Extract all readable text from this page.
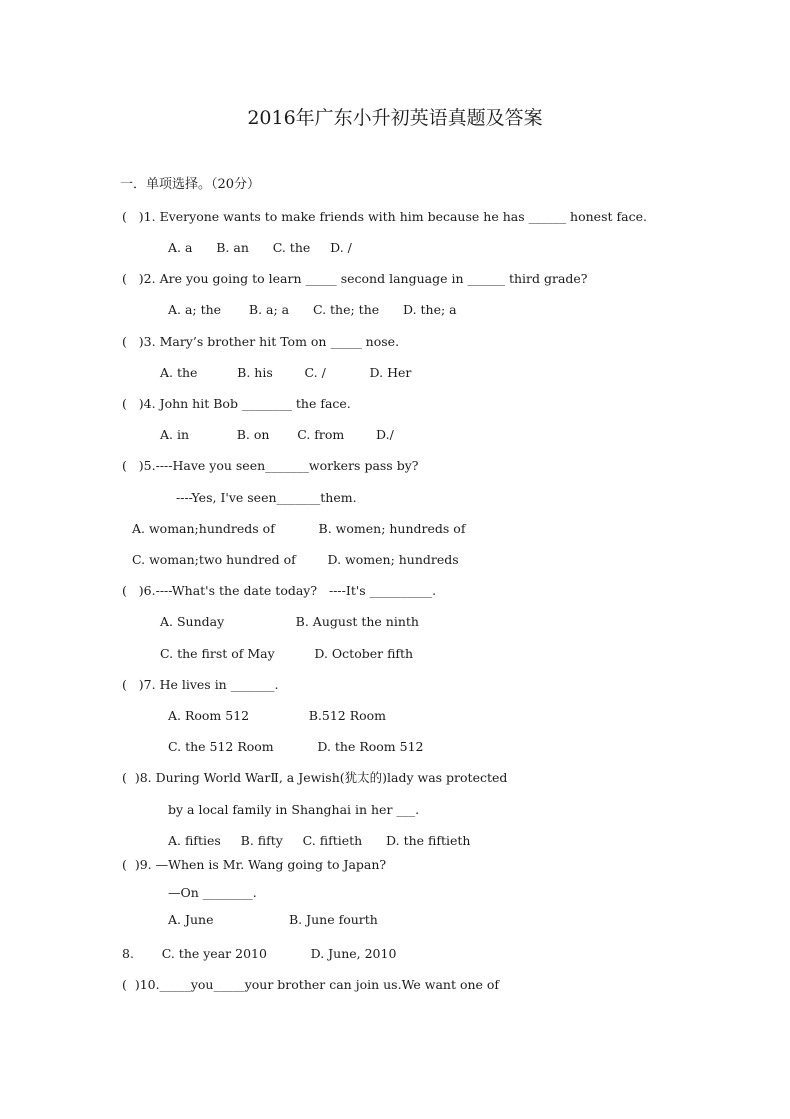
2016年广东小升初英语真题及答案
一．单项选择。（20分）
(   )1. Everyone wants to make friends with him because he has ______ honest face.
A. a      B. an      C. the     D. /
(   )2. Are you going to learn _____ second language in ______ third grade?
A. a; the       B. a; a      C. the; the      D. the; a
(   )3. Mary’s brother hit Tom on _____ nose.
A. the          B. his        C. /           D. Her
(   )4. John hit Bob ________ the face.
A. in            B. on       C. from        D./
(   )5.----Have you seen_______workers pass by?
----Yes, I've seen_______them.
A. woman;hundreds of           B. women; hundreds of
C. woman;two hundred of        D. women; hundreds
(   )6.----What's the date today?   ----It's __________.
A. Sunday                  B. August the ninth
C. the first of May          D. October fifth
(   )7. He lives in _______.
A. Room 512               B.512 Room
C. the 512 Room           D. the Room 512
(  )8. During World WarⅡ, a Jewish(犹太的)lady was protected
by a local family in Shanghai in her ___.
A. fifties     B. fifty     C. fiftieth      D. the fiftieth
(  )9. —When is Mr. Wang going to Japan?
—On ________.
A. June                   B. June fourth
8.       C. the year 2010           D. June, 2010
(  )10._____you_____your brother can join us.We want one of
